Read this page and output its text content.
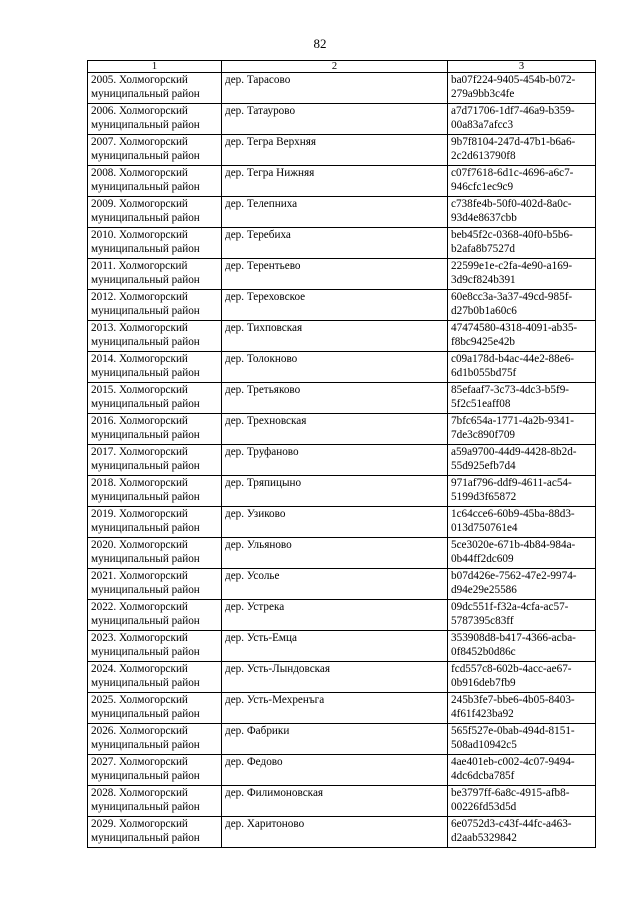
82
1	2	3
2005. Холмогорский
муниципальный район	дер. Тарасово	ba07f224-9405-454b-b072-
279a9bb3c4fe
2006. Холмогорский
муниципальный район	дер. Татаурово	a7d71706-1df7-46a9-b359-
00a83a7afcc3
2007. Холмогорский
муниципальный район	дер. Тегра Верхняя	9b7f8104-247d-47b1-b6a6-
2c2d613790f8
2008. Холмогорский
муниципальный район	дер. Тегра Нижняя	c07f7618-6d1c-4696-a6c7-
946cfc1ec9c9
2009. Холмогорский
муниципальный район	дер. Телепниха	c738fe4b-50f0-402d-8a0c-
93d4e8637cbb
2010. Холмогорский
муниципальный район	дер. Теребиха	beb45f2c-0368-40f0-b5b6-
b2afa8b7527d
2011. Холмогорский
муниципальный район	дер. Терентьево	22599e1e-c2fa-4e90-a169-
3d9cf824b391
2012. Холмогорский
муниципальный район	дер. Тереховское	60e8cc3a-3a37-49cd-985f-
d27b0b1a60c6
2013. Холмогорский
муниципальный район	дер. Тихповская	47474580-4318-4091-ab35-
f8bc9425e42b
2014. Холмогорский
муниципальный район	дер. Толокново	c09a178d-b4ac-44e2-88e6-
6d1b055bd75f
2015. Холмогорский
муниципальный район	дер. Третьяково	85efaaf7-3c73-4dc3-b5f9-
5f2c51eaff08
2016. Холмогорский
муниципальный район	дер. Трехновская	7bfc654a-1771-4a2b-9341-
7de3c890f709
2017. Холмогорский
муниципальный район	дер. Труфаново	a59a9700-44d9-4428-8b2d-
55d925efb7d4
2018. Холмогорский
муниципальный район	дер. Тряпицыно	971af796-ddf9-4611-ac54-
5199d3f65872
2019. Холмогорский
муниципальный район	дер. Узиково	1c64cce6-60b9-45ba-88d3-
013d750761e4
2020. Холмогорский
муниципальный район	дер. Ульяново	5ce3020e-671b-4b84-984a-
0b44ff2dc609
2021. Холмогорский
муниципальный район	дер. Усолье	b07d426e-7562-47e2-9974-
d94e29e25586
2022. Холмогорский
муниципальный район	дер. Устрека	09dc551f-f32a-4cfa-ac57-
5787395c83ff
2023. Холмогорский
муниципальный район	дер. Усть-Емца	353908d8-b417-4366-acba-
0f8452b0d86c
2024. Холмогорский
муниципальный район	дер. Усть-Лындовская	fcd557c8-602b-4acc-ae67-
0b916deb7fb9
2025. Холмогорский
муниципальный район	дер. Усть-Мехренъга	245b3fe7-bbe6-4b05-8403-
4f61f423ba92
2026. Холмогорский
муниципальный район	дер. Фабрики	565f527e-0bab-494d-8151-
508ad10942c5
2027. Холмогорский
муниципальный район	дер. Федово	4ae401eb-c002-4c07-9494-
4dc6dcba785f
2028. Холмогорский
муниципальный район	дер. Филимоновская	be3797ff-6a8c-4915-afb8-
00226fd53d5d
2029. Холмогорский
муниципальный район	дер. Харитоново	6e0752d3-c43f-44fc-a463-
d2aab5329842
